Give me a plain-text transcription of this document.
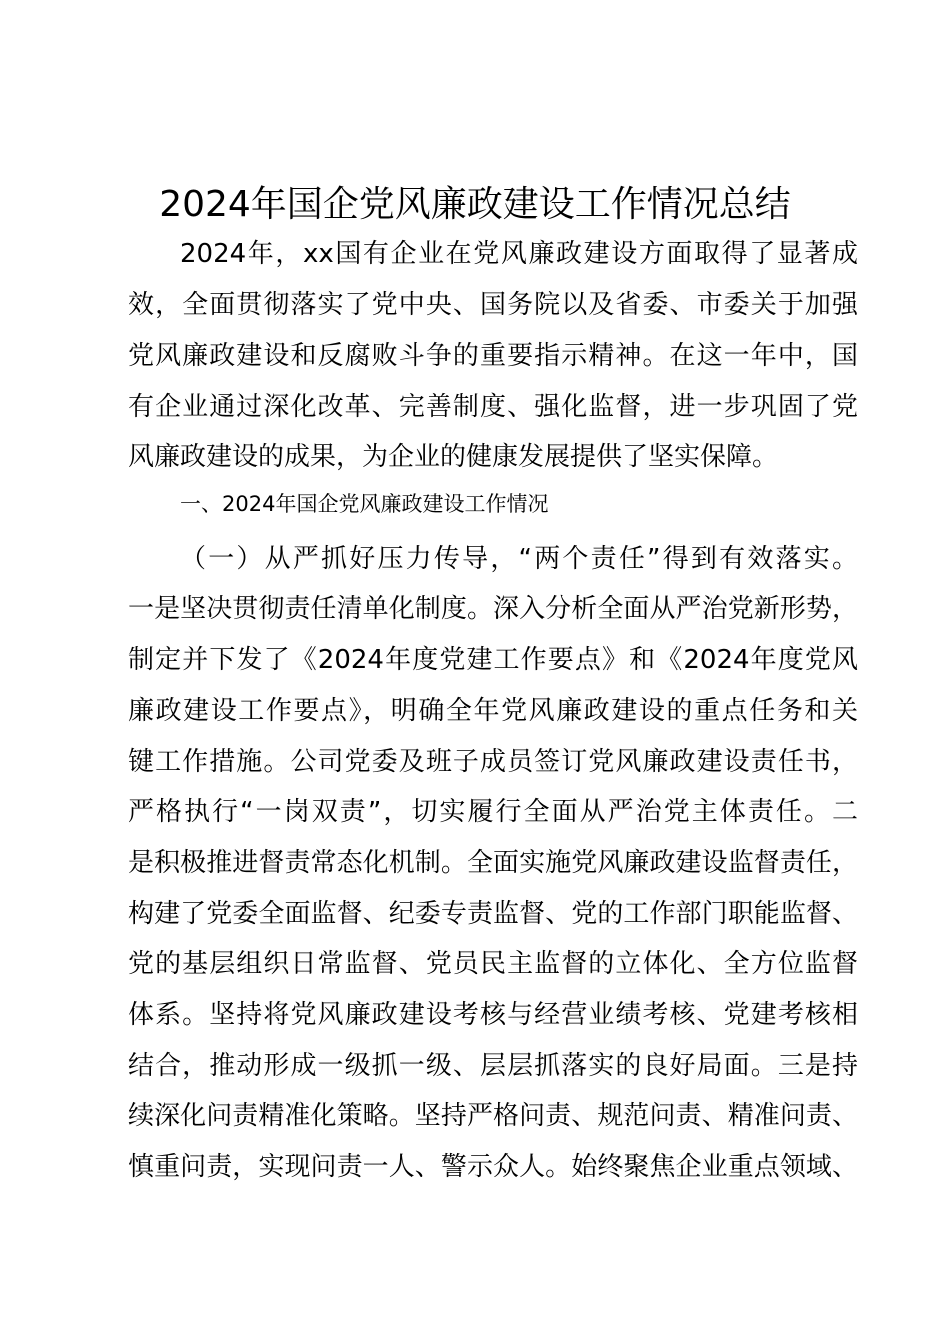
2024年国企党风廉政建设工作情况总结
2024年，xx国有企业在党风廉政建设方面取得了显著成
效，全面贯彻落实了党中央、国务院以及省委、市委关于加强
党风廉政建设和反腐败斗争的重要指示精神。在这一年中，国
有企业通过深化改革、完善制度、强化监督，进一步巩固了党
风廉政建设的成果，为企业的健康发展提供了坚实保障。
一、2024年国企党风廉政建设工作情况
（一）从严抓好压力传导，“两个责任”得到有效落实。
一是坚决贯彻责任清单化制度。深入分析全面从严治党新形势，
制定并下发了《2024年度党建工作要点》和《2024年度党风
廉政建设工作要点》，明确全年党风廉政建设的重点任务和关
键工作措施。公司党委及班子成员签订党风廉政建设责任书，
严格执行“一岗双责”，切实履行全面从严治党主体责任。二
是积极推进督责常态化机制。全面实施党风廉政建设监督责任，
构建了党委全面监督、纪委专责监督、党的工作部门职能监督、
党的基层组织日常监督、党员民主监督的立体化、全方位监督
体系。坚持将党风廉政建设考核与经营业绩考核、党建考核相
结合，推动形成一级抓一级、层层抓落实的良好局面。三是持
续深化问责精准化策略。坚持严格问责、规范问责、精准问责、
慎重问责，实现问责一人、警示众人。始终聚焦企业重点领域、
